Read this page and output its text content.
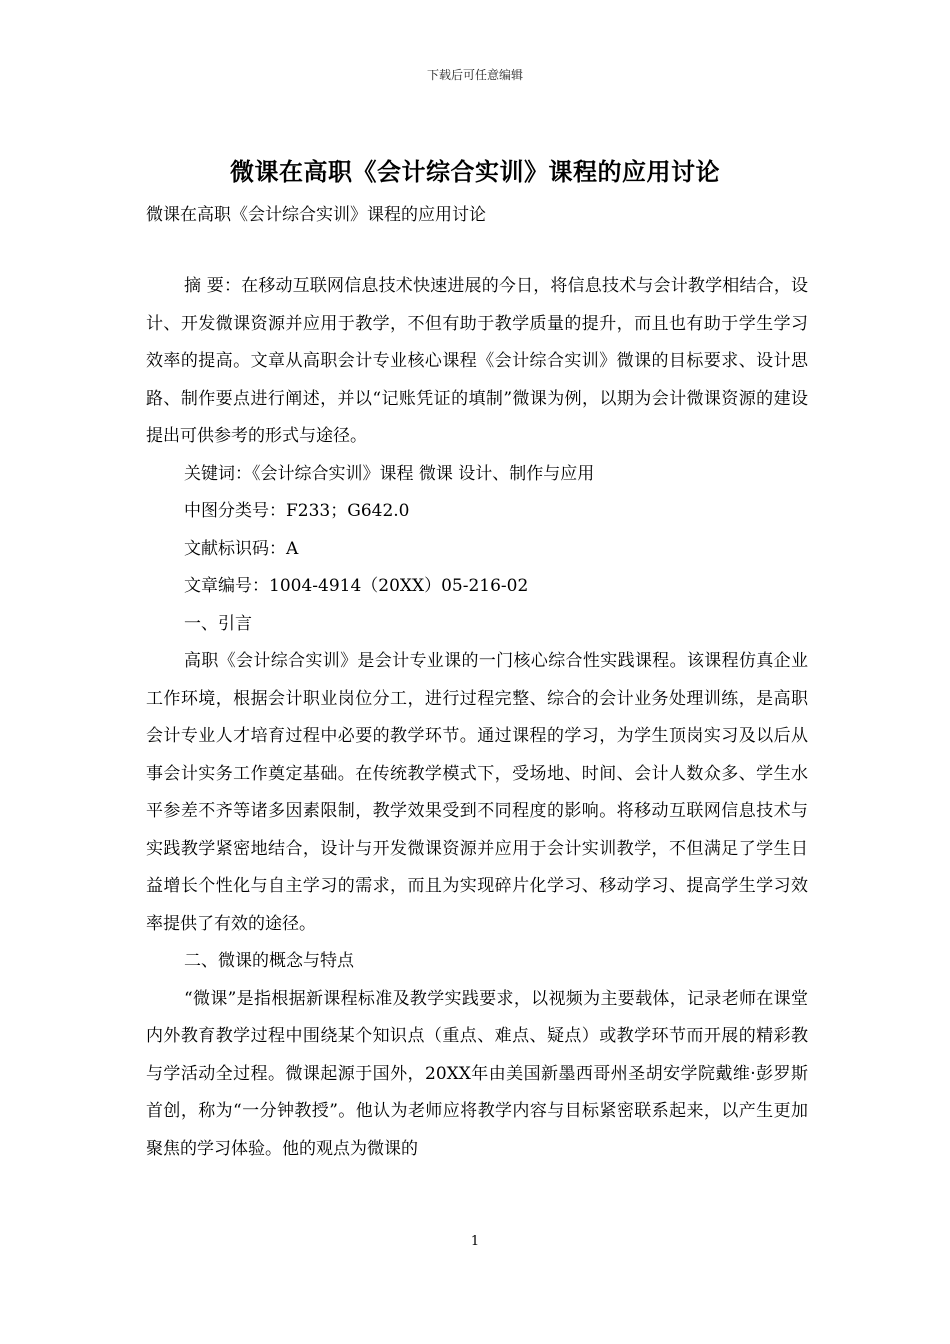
下载后可任意编辑
微课在高职《会计综合实训》课程的应用讨论
微课在高职《会计综合实训》课程的应用讨论

摘 要：在移动互联网信息技术快速进展的今日，将信息技术与会计教学相结合，设计、开发微课资源并应用于教学，不但有助于教学质量的提升，而且也有助于学生学习效率的提高。文章从高职会计专业核心课程《会计综合实训》微课的目标要求、设计思路、制作要点进行阐述，并以“记账凭证的填制”微课为例，以期为会计微课资源的建设提出可供参考的形式与途径。

关键词：《会计综合实训》课程 微课 设计、制作与应用

中图分类号：F233；G642.0

文献标识码：A

文章编号：1004-4914（20XX）05-216-02

一、引言

高职《会计综合实训》是会计专业课的一门核心综合性实践课程。该课程仿真企业工作环境，根据会计职业岗位分工，进行过程完整、综合的会计业务处理训练，是高职会计专业人才培育过程中必要的教学环节。通过课程的学习，为学生顶岗实习及以后从事会计实务工作奠定基础。在传统教学模式下，受场地、时间、会计人数众多、学生水平参差不齐等诸多因素限制，教学效果受到不同程度的影响。将移动互联网信息技术与实践教学紧密地结合，设计与开发微课资源并应用于会计实训教学，不但满足了学生日益增长个性化与自主学习的需求，而且为实现碎片化学习、移动学习、提高学生学习效率提供了有效的途径。

二、微课的概念与特点

“微课”是指根据新课程标准及教学实践要求，以视频为主要载体，记录老师在课堂内外教育教学过程中围绕某个知识点（重点、难点、疑点）或教学环节而开展的精彩教与学活动全过程。微课起源于国外，20XX年由美国新墨西哥州圣胡安学院戴维·彭罗斯首创，称为“一分钟教授”。他认为老师应将教学内容与目标紧密联系起来，以产生更加聚焦的学习体验。他的观点为微课的

1
